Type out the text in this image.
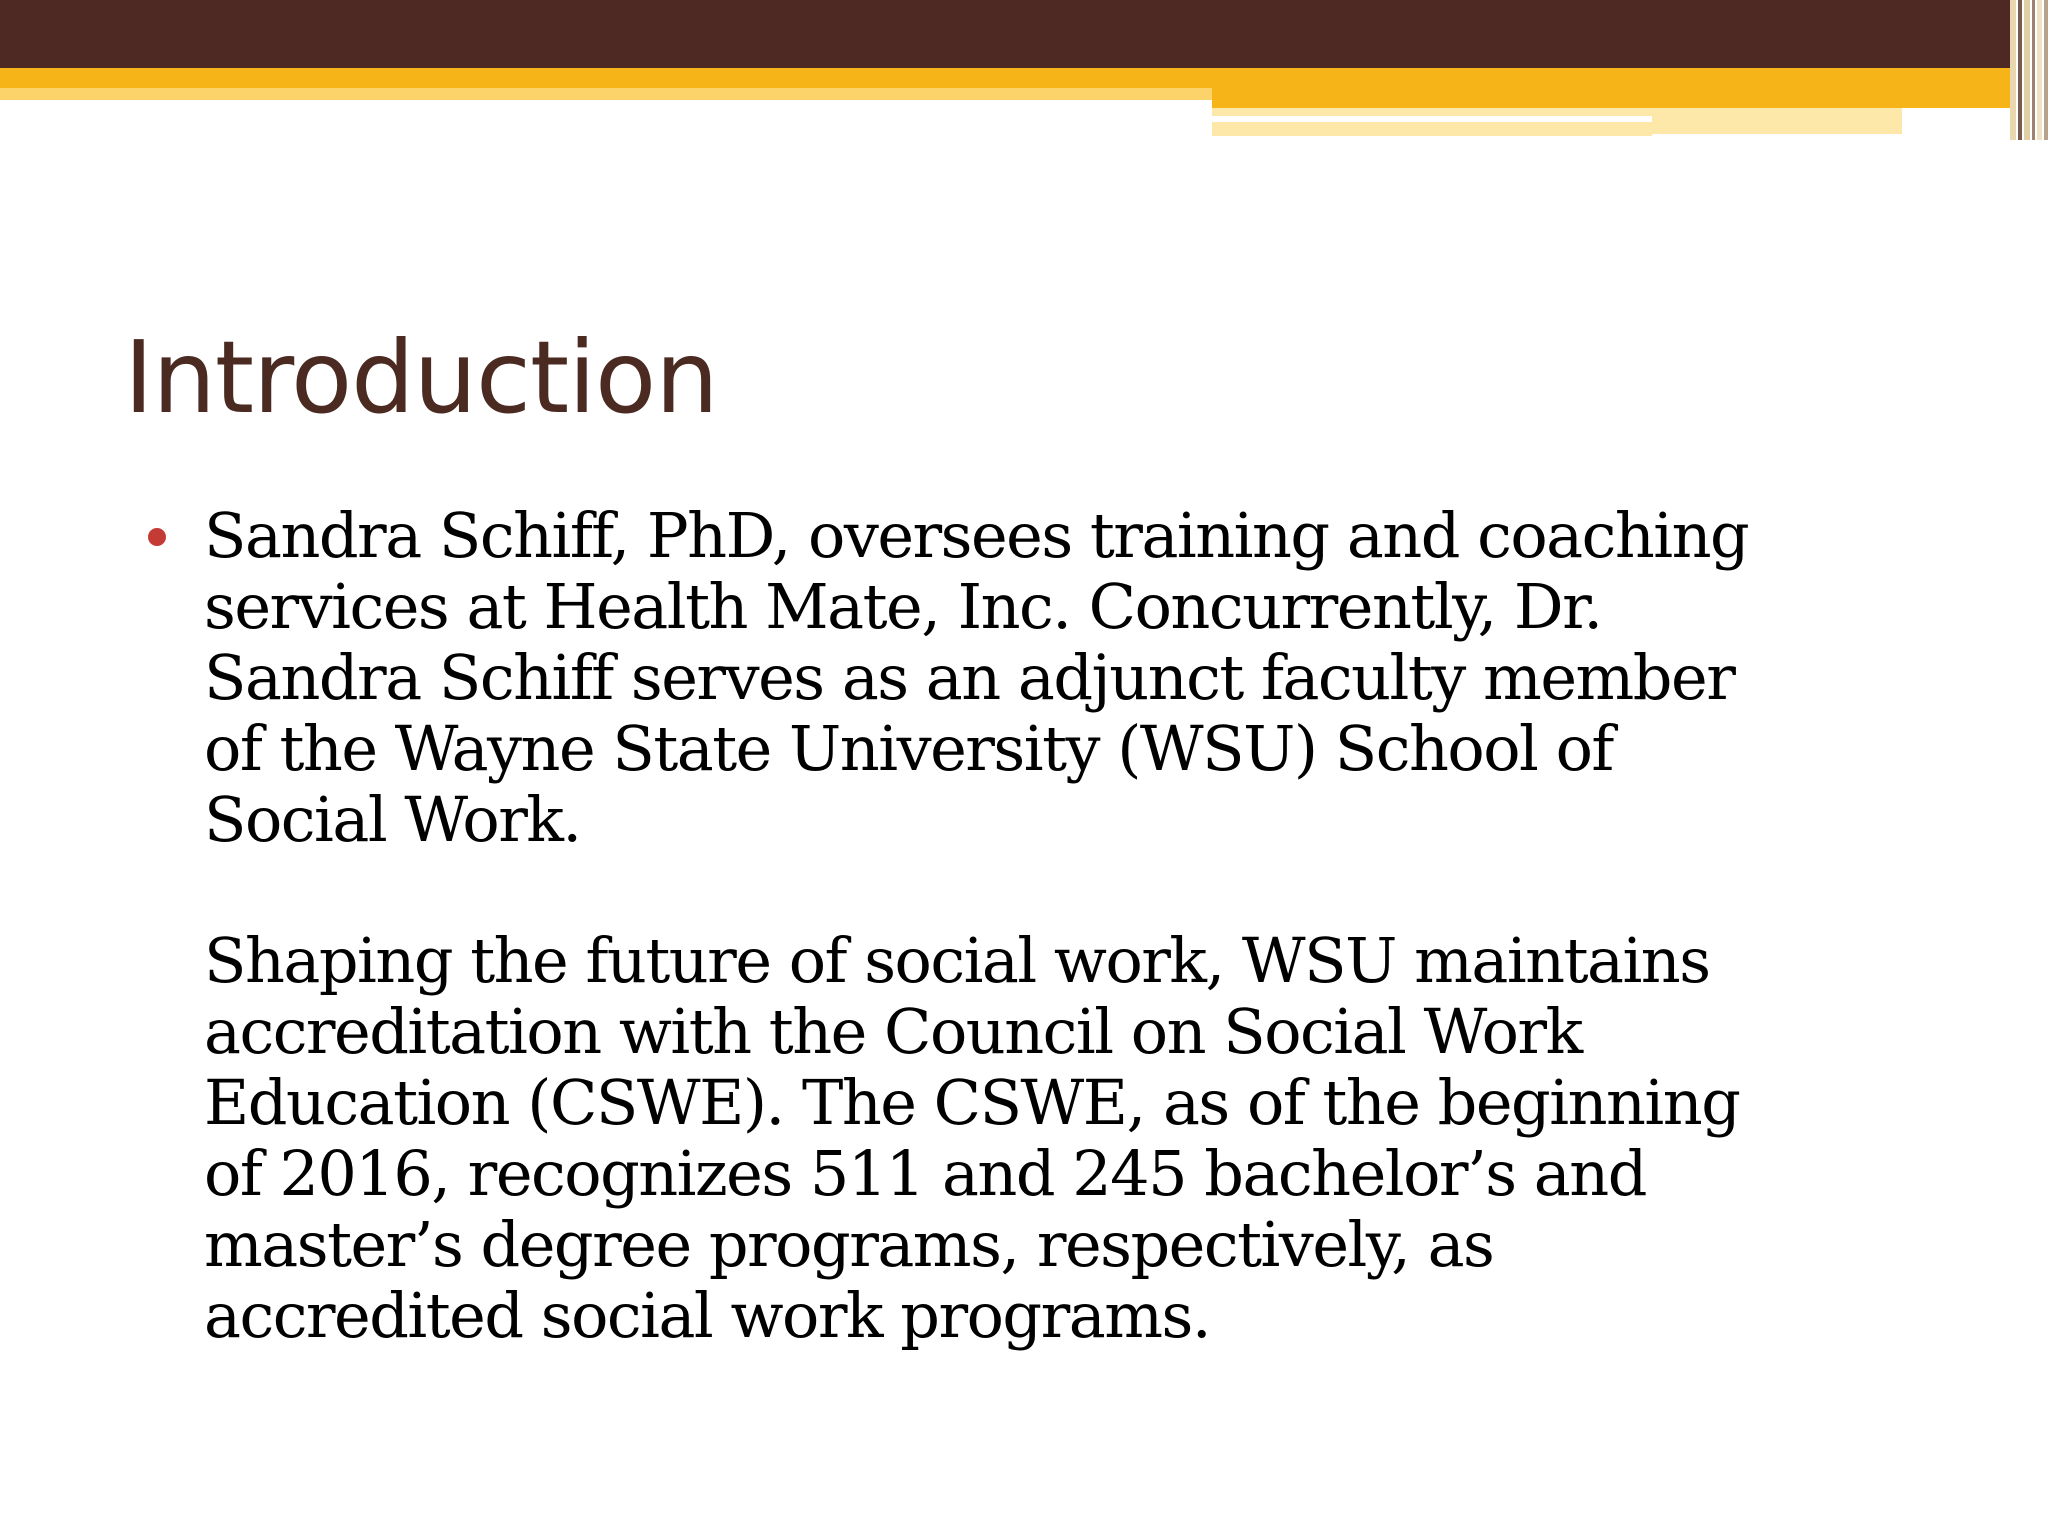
Introduction

Sandra Schiff, PhD, oversees training and coaching
services at Health Mate, Inc. Concurrently, Dr.
Sandra Schiff serves as an adjunct faculty member
of the Wayne State University (WSU) School of
Social Work.

Shaping the future of social work, WSU maintains
accreditation with the Council on Social Work
Education (CSWE). The CSWE, as of the beginning
of 2016, recognizes 511 and 245 bachelor’s and
master’s degree programs, respectively, as
accredited social work programs.
